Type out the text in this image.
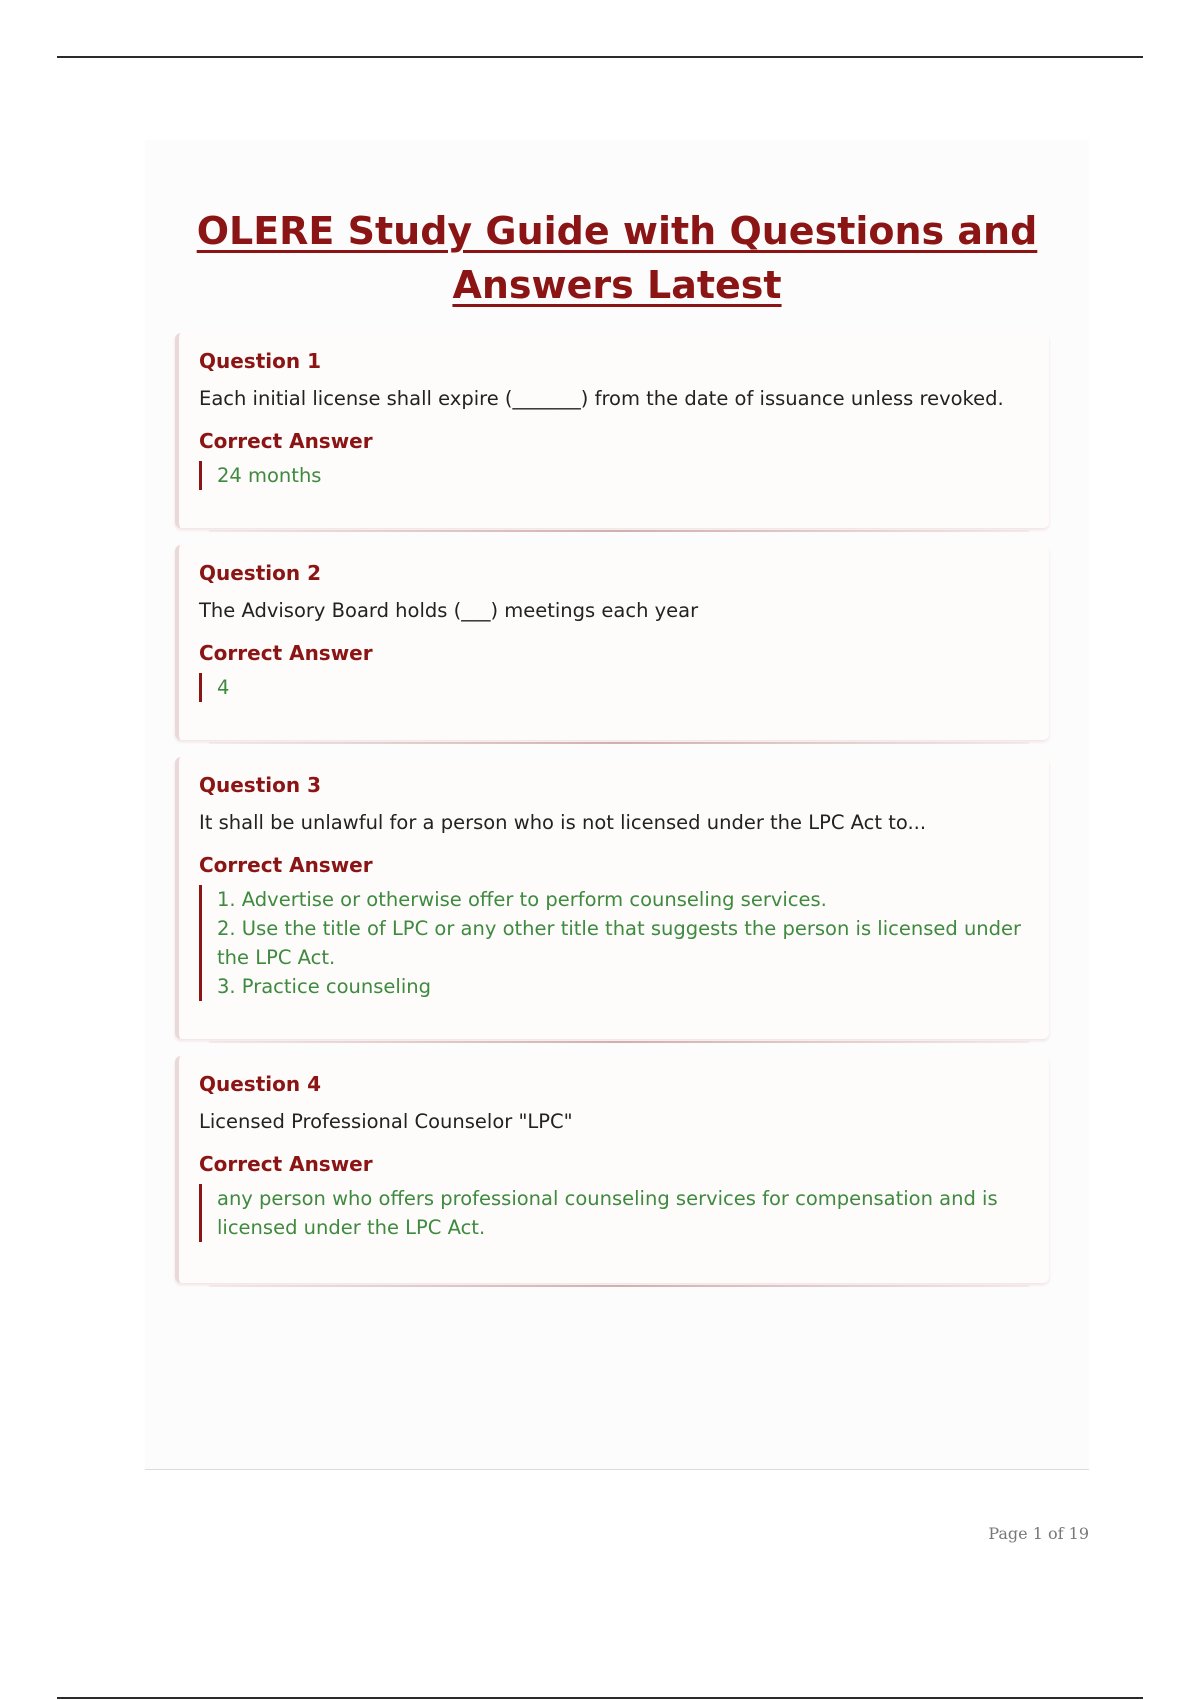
OLERE Study Guide with Questions and Answers Latest
Question 1
Each initial license shall expire (_______) from the date of issuance unless revoked.
Correct Answer
24 months
Question 2
The Advisory Board holds (___) meetings each year
Correct Answer
4
Question 3
It shall be unlawful for a person who is not licensed under the LPC Act to...
Correct Answer
1. Advertise or otherwise offer to perform counseling services.
2. Use the title of LPC or any other title that suggests the person is licensed under the LPC Act.
3. Practice counseling
Question 4
Licensed Professional Counselor "LPC"
Correct Answer
any person who offers professional counseling services for compensation and is licensed under the LPC Act.
Page 1 of 19
